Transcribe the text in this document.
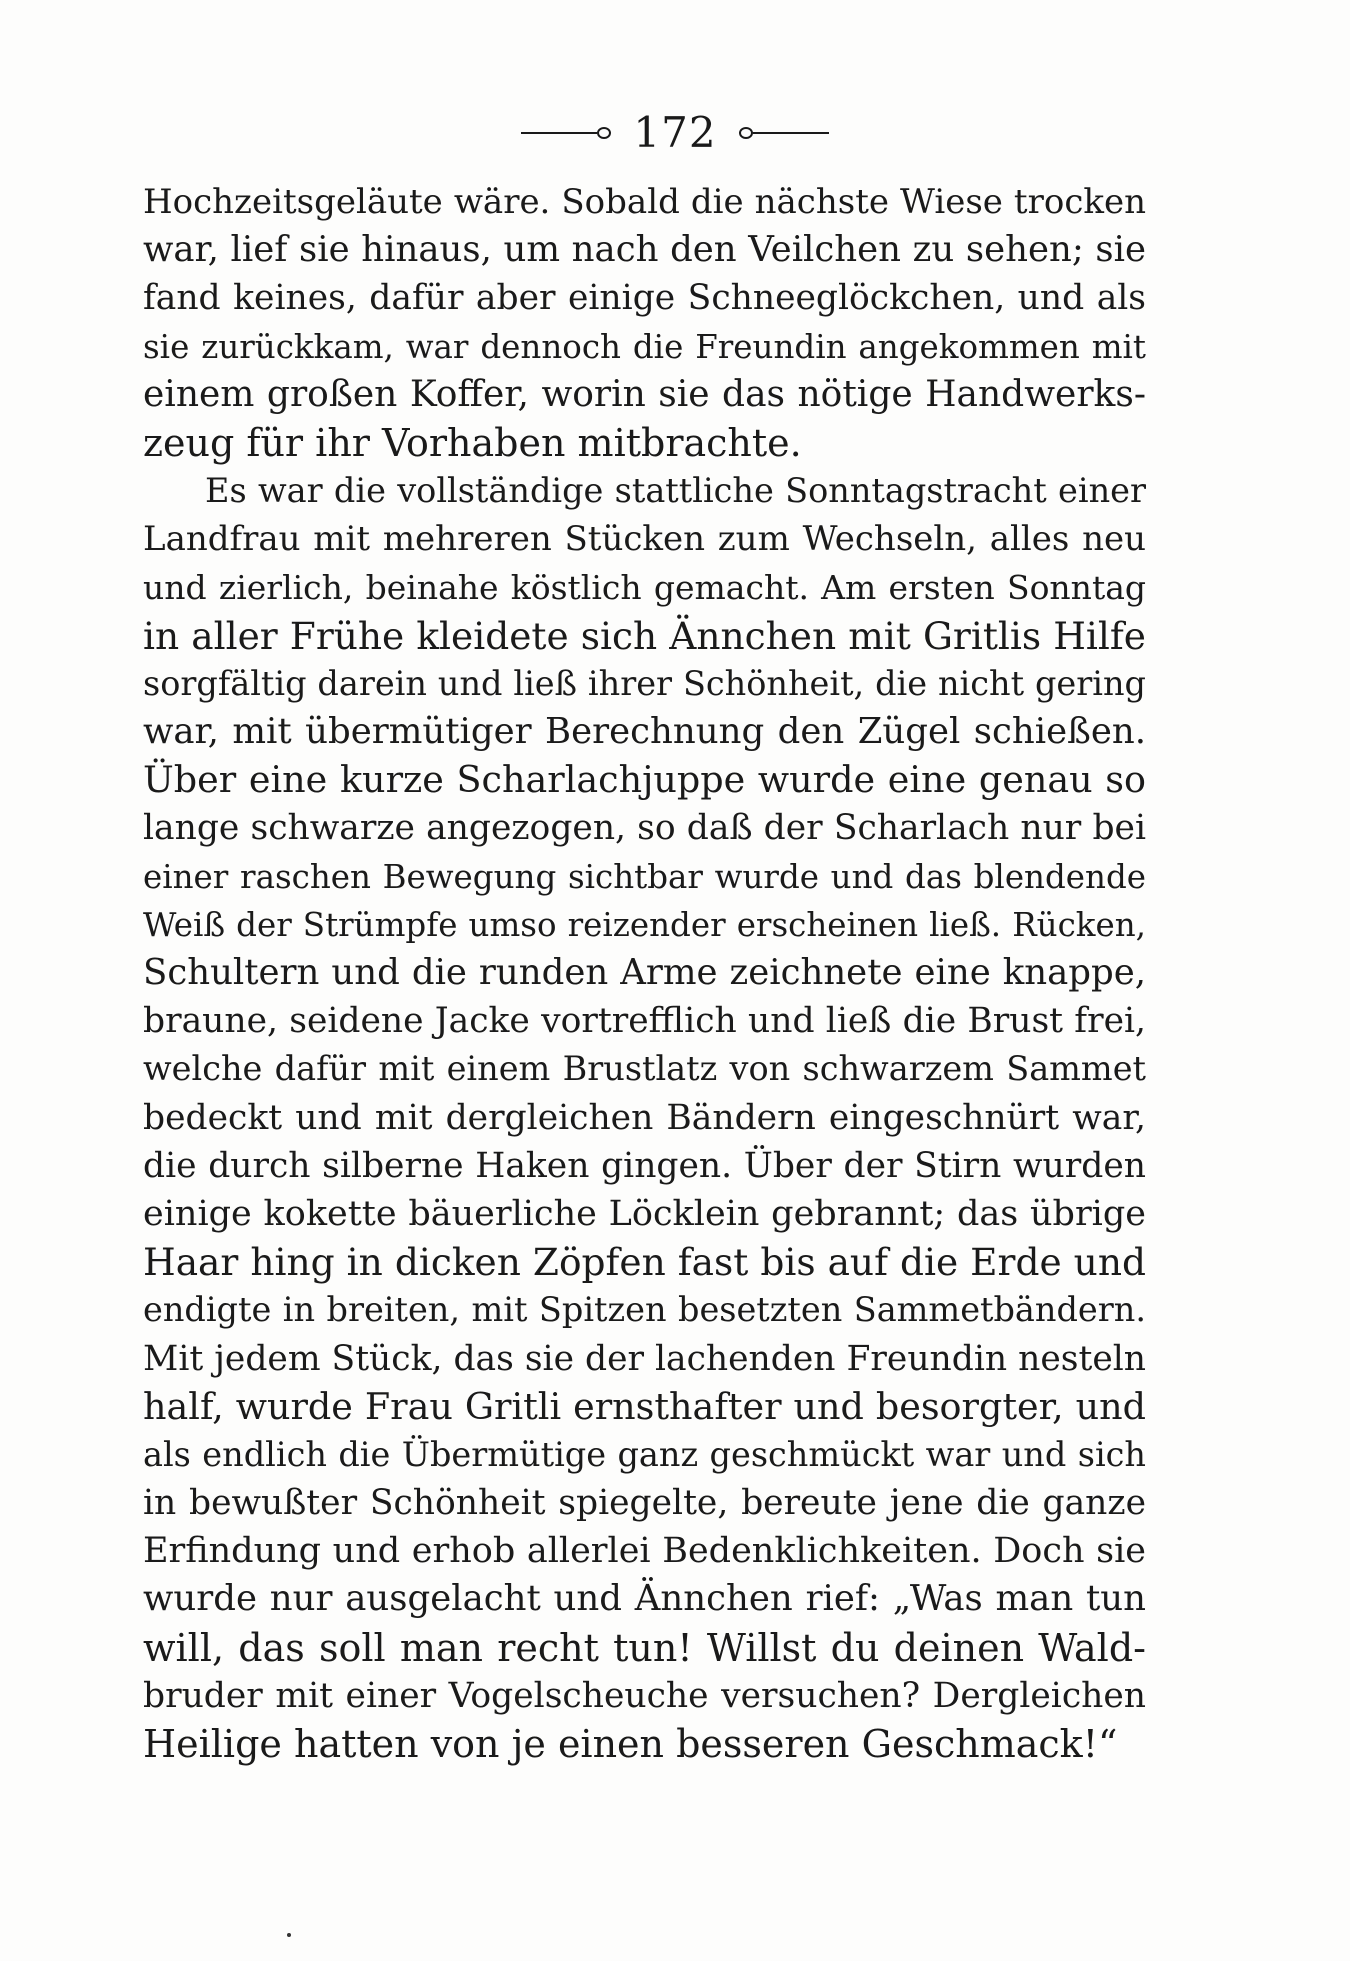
172
Hochzeitsgeläute wäre. Sobald die nächste Wiese trocken
war, lief sie hinaus, um nach den Veilchen zu sehen; sie
fand keines, dafür aber einige Schneeglöckchen, und als
sie zurückkam, war dennoch die Freundin angekommen mit
einem großen Koffer, worin sie das nötige Handwerks-
zeug für ihr Vorhaben mitbrachte.
Es war die vollständige stattliche Sonntagstracht einer
Landfrau mit mehreren Stücken zum Wechseln, alles neu
und zierlich, beinahe köstlich gemacht. Am ersten Sonntag
in aller Frühe kleidete sich Ännchen mit Gritlis Hilfe
sorgfältig darein und ließ ihrer Schönheit, die nicht gering
war, mit übermütiger Berechnung den Zügel schießen.
Über eine kurze Scharlachjuppe wurde eine genau so
lange schwarze angezogen, so daß der Scharlach nur bei
einer raschen Bewegung sichtbar wurde und das blendende
Weiß der Strümpfe umso reizender erscheinen ließ. Rücken,
Schultern und die runden Arme zeichnete eine knappe,
braune, seidene Jacke vortrefflich und ließ die Brust frei,
welche dafür mit einem Brustlatz von schwarzem Sammet
bedeckt und mit dergleichen Bändern eingeschnürt war,
die durch silberne Haken gingen. Über der Stirn wurden
einige kokette bäuerliche Löcklein gebrannt; das übrige
Haar hing in dicken Zöpfen fast bis auf die Erde und
endigte in breiten, mit Spitzen besetzten Sammetbändern.
Mit jedem Stück, das sie der lachenden Freundin nesteln
half, wurde Frau Gritli ernsthafter und besorgter, und
als endlich die Übermütige ganz geschmückt war und sich
in bewußter Schönheit spiegelte, bereute jene die ganze
Erfindung und erhob allerlei Bedenklichkeiten. Doch sie
wurde nur ausgelacht und Ännchen rief: „Was man tun
will, das soll man recht tun! Willst du deinen Wald-
bruder mit einer Vogelscheuche versuchen? Dergleichen
Heilige hatten von je einen besseren Geschmack!“
